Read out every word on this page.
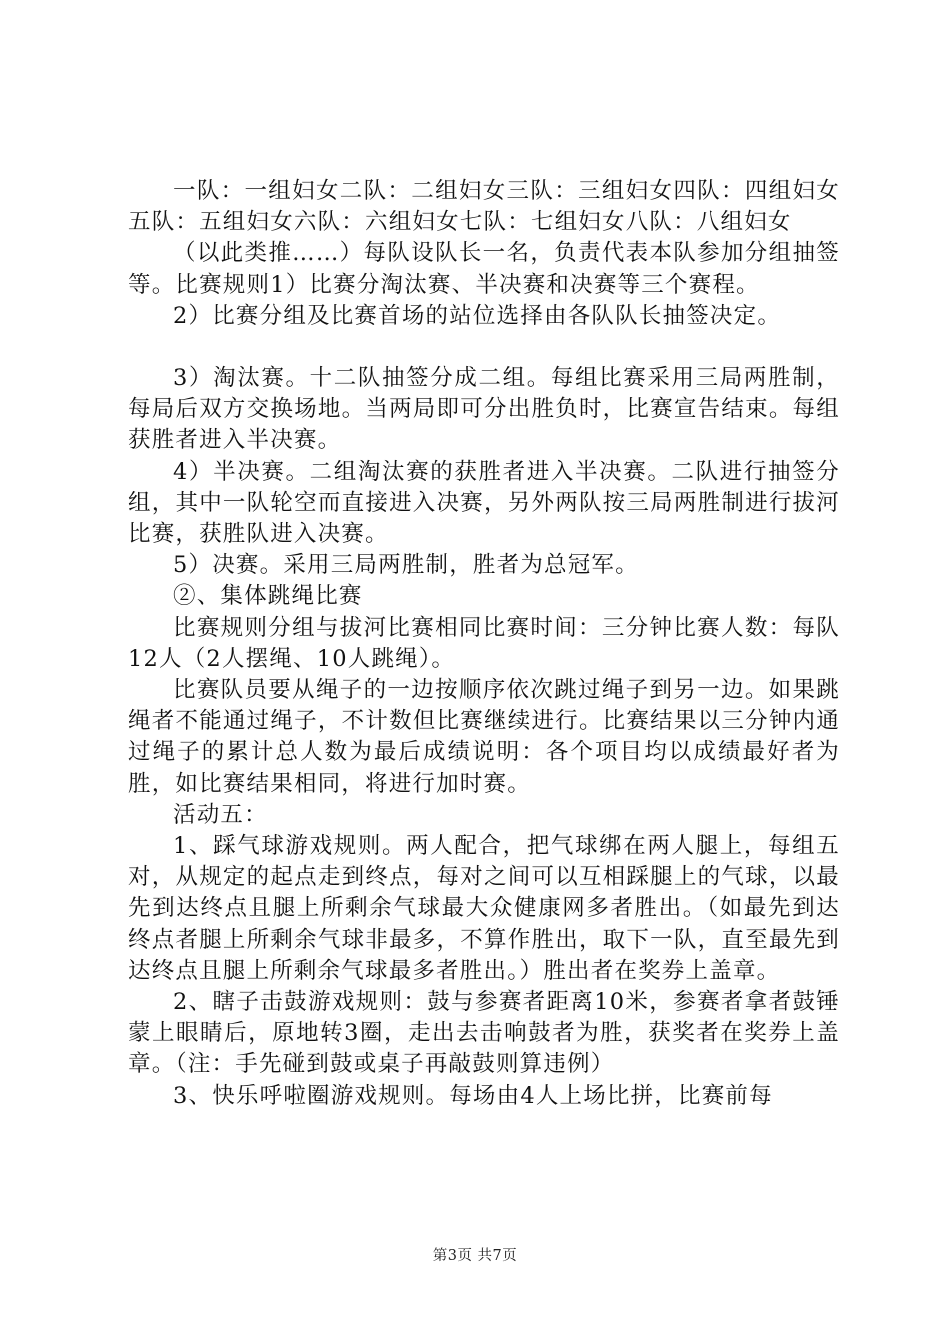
一队：一组妇女二队：二组妇女三队：三组妇女四队：四组妇女五队：五组妇女六队：六组妇女七队：七组妇女八队：八组妇女

（以此类推……）每队设队长一名，负责代表本队参加分组抽签等。比赛规则1）比赛分淘汰赛、半决赛和决赛等三个赛程。

2）比赛分组及比赛首场的站位选择由各队队长抽签决定。

3）淘汰赛。十二队抽签分成二组。每组比赛采用三局两胜制，每局后双方交换场地。当两局即可分出胜负时，比赛宣告结束。每组获胜者进入半决赛。

4）半决赛。二组淘汰赛的获胜者进入半决赛。二队进行抽签分组，其中一队轮空而直接进入决赛，另外两队按三局两胜制进行拔河比赛，获胜队进入决赛。

5）决赛。采用三局两胜制，胜者为总冠军。

②、集体跳绳比赛

比赛规则分组与拔河比赛相同比赛时间：三分钟比赛人数：每队12人（2人摆绳、10人跳绳）。

比赛队员要从绳子的一边按顺序依次跳过绳子到另一边。如果跳绳者不能通过绳子，不计数但比赛继续进行。比赛结果以三分钟内通过绳子的累计总人数为最后成绩说明：各个项目均以成绩最好者为胜，如比赛结果相同，将进行加时赛。

活动五：

1、踩气球游戏规则。两人配合，把气球绑在两人腿上，每组五对，从规定的起点走到终点，每对之间可以互相踩腿上的气球，以最先到达终点且腿上所剩余气球最大众健康网多者胜出。（如最先到达终点者腿上所剩余气球非最多，不算作胜出，取下一队，直至最先到达终点且腿上所剩余气球最多者胜出。）胜出者在奖券上盖章。

2、瞎子击鼓游戏规则：鼓与参赛者距离10米，参赛者拿者鼓锤蒙上眼睛后，原地转3圈，走出去击响鼓者为胜，获奖者在奖券上盖章。（注：手先碰到鼓或桌子再敲鼓则算违例）

3、快乐呼啦圈游戏规则。每场由4人上场比拼，比赛前每

第3页 共7页
